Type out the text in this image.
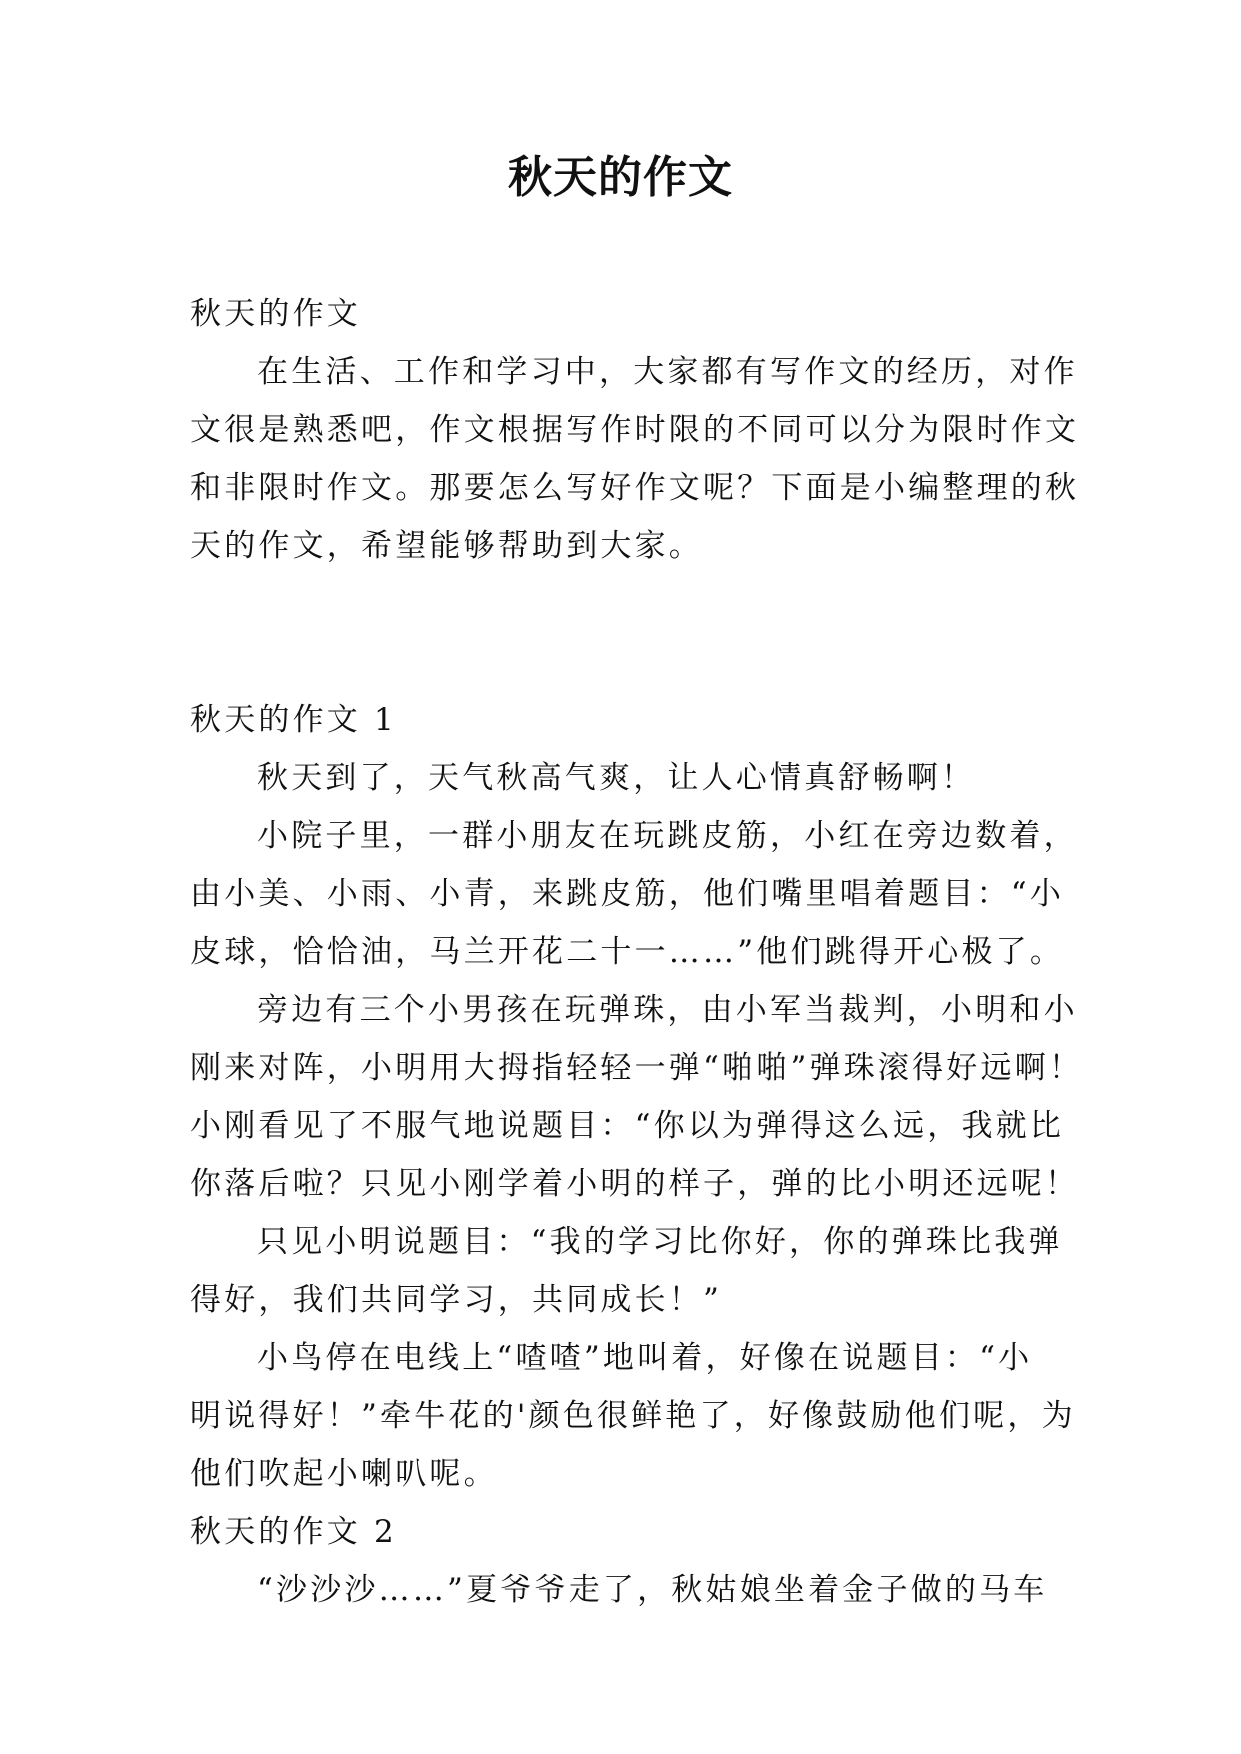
秋天的作文

秋天的作文

在生活、工作和学习中，大家都有写作文的经历，对作

文很是熟悉吧，作文根据写作时限的不同可以分为限时作文

和非限时作文。那要怎么写好作文呢？下面是小编整理的秋

天的作文，希望能够帮助到大家。

秋天的作文 1

秋天到了，天气秋高气爽，让人心情真舒畅啊！

小院子里，一群小朋友在玩跳皮筋，小红在旁边数着，

由小美、小雨、小青，来跳皮筋，他们嘴里唱着题目：“小

皮球，恰恰油，马兰开花二十一……”他们跳得开心极了。

旁边有三个小男孩在玩弹珠，由小军当裁判，小明和小

刚来对阵，小明用大拇指轻轻一弹“啪啪”弹珠滚得好远啊！

小刚看见了不服气地说题目：“你以为弹得这么远，我就比

你落后啦？只见小刚学着小明的样子，弹的比小明还远呢！

只见小明说题目：“我的学习比你好，你的弹珠比我弹

得好，我们共同学习，共同成长！”

小鸟停在电线上“喳喳”地叫着，好像在说题目：“小

明说得好！”牵牛花的'颜色很鲜艳了，好像鼓励他们呢，为

他们吹起小喇叭呢。

秋天的作文 2

“沙沙沙……”夏爷爷走了，秋姑娘坐着金子做的马车
